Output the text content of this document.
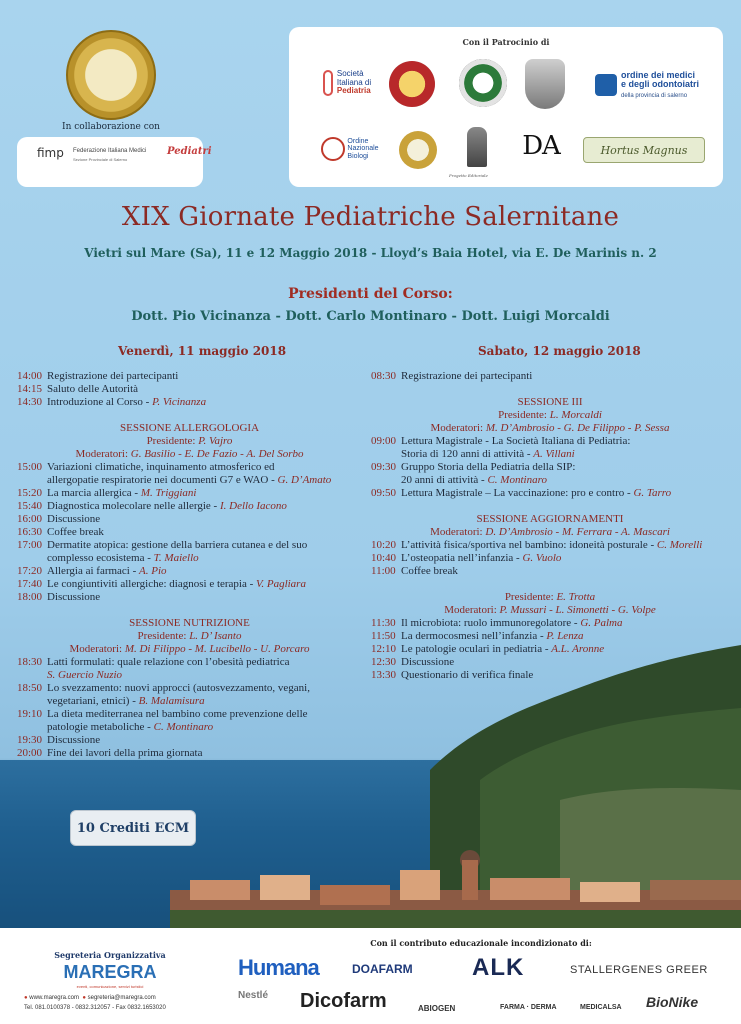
In collaborazione con
fimp Federazione Italiana Medici
Sezione Provinciale di Salerno
Pediatri
Con il Patrocinio di
Società
Italiana di
Pediatria
ordine dei medici
e degli odontoiatri
della provincia di salerno
Ordine
Nazionale
Biologi
Progetto Editoriale
DA	Hortus Magnus
XIX Giornate Pediatriche Salernitane
Vietri sul Mare (Sa), 11 e 12 Maggio 2018 - Lloyd’s Baia Hotel, via E. De Marinis n. 2
Presidenti del Corso:
Dott. Pio Vicinanza - Dott. Carlo Montinaro - Dott. Luigi Morcaldi
Venerdì, 11 maggio 2018	Sabato, 12 maggio 2018
14:00 Registrazione dei partecipanti
14:15 Saluto delle Autorità
14:30 Introduzione al Corso - P. Vicinanza
SESSIONE ALLERGOLOGIA
Presidente: P. Vajro
Moderatori: G. Basilio - E. De Fazio - A. Del Sorbo
15:00 Variazioni climatiche, inquinamento atmosferico ed
allergopatie respiratorie nei documenti G7 e WAO - G. D’Amato
15:20 La marcia allergica - M. Triggiani
15:40 Diagnostica molecolare nelle allergie - I. Dello Iacono
16:00 Discussione
16:30 Coffee break
17:00 Dermatite atopica: gestione della barriera cutanea e del suo
complesso ecosistema - T. Maiello
17:20 Allergia ai farmaci - A. Pio
17:40 Le congiuntiviti allergiche: diagnosi e terapia - V. Pagliara
18:00 Discussione
SESSIONE NUTRIZIONE
Presidente: L. D’ Isanto
Moderatori: M. Di Filippo - M. Lucibello - U. Porcaro
18:30 Latti formulati: quale relazione con l’obesità pediatrica
S. Guercio Nuzio
18:50 Lo svezzamento: nuovi approcci (autosvezzamento, vegani,
vegetariani, etnici) - B. Malamisura
19:10 La dieta mediterranea nel bambino come prevenzione delle
patologie metaboliche - C. Montinaro
19:30 Discussione
20:00 Fine dei lavori della prima giornata
08:30 Registrazione dei partecipanti
SESSIONE III
Presidente: L. Morcaldi
Moderatori: M. D’Ambrosio - G. De Filippo - P. Sessa
09:00 Lettura Magistrale - La Società Italiana di Pediatria:
Storia di 120 anni di attività - A. Villani
09:30 Gruppo Storia della Pediatria della SIP:
20 anni di attività - C. Montinaro
09:50 Lettura Magistrale – La vaccinazione: pro e contro - G. Tarro
SESSIONE AGGIORNAMENTI
Moderatori: D. D’Ambrosio - M. Ferrara - A. Mascari
10:20 L’attività fisica/sportiva nel bambino: idoneità posturale - C. Morelli
10:40 L’osteopatia nell’infanzia - G. Vuolo
11:00 Coffee break
Presidente: E. Trotta
Moderatori: P. Mussari - L. Simonetti - G. Volpe
11:30 Il microbiota: ruolo immunoregolatore - G. Palma
11:50 La dermocosmesi nell’infanzia - P. Lenza
12:10 Le patologie oculari in pediatria - A.L. Aronne
12:30 Discussione
13:30 Questionario di verifica finale
10 Crediti ECM
Segreteria Organizzativa
MAREGRA
eventi, comunicazione, servizi turistici
● www.maregra.com ● segreteria@maregra.com
Tel. 081.0100378 - 0832.312057 - Fax 0832.1653020
Con il contributo educazionale incondizionato di:
Humana	DOAFARM ALK	STALLERGENES GREER
Nestlé Dicofarm	ABIOGEN	FARMA · DERMA	MEDICALSA BioNike
